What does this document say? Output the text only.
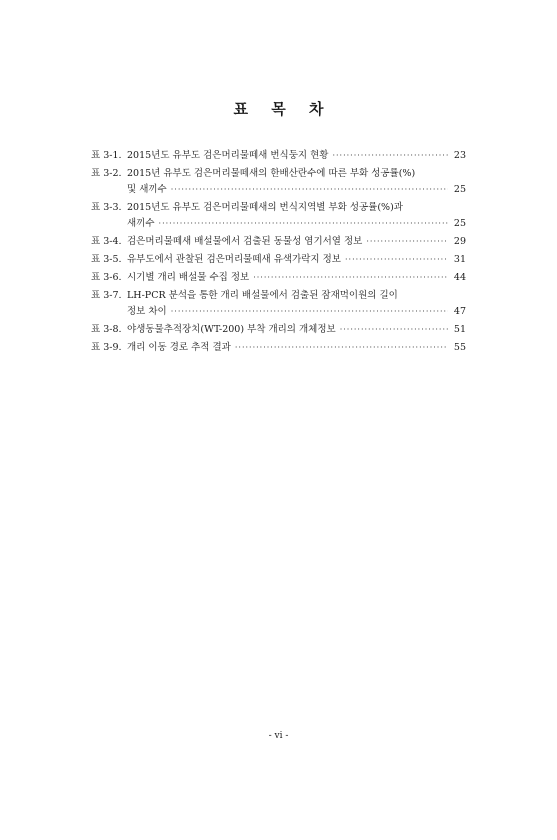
표 목 차
표 3-1. 2015년도 유부도 검은머리물떼새 번식둥지 현황 ·····	23
표 3-2. 2015년 유부도 검은머리물떼새의 한배산란수에 따른 부화 성공률(%)
및 새끼수 ·····	25
표 3-3. 2015년도 유부도 검은머리물떼새의 번식지역별 부화 성공률(%)과
새끼수 ·····	25
표 3-4. 검은머리물떼새 배설물에서 검출된 동물성 염기서열 정보 ·····	29
표 3-5. 유부도에서 관찰된 검은머리물떼새 유색가락지 정보 ·····	31
표 3-6. 시기별 개리 배설물 수집 정보 ·····	44
표 3-7. LH-PCR 분석을 통한 개리 배설물에서 검출된 잠재먹이원의 길이
정보 차이 ·····	47
표 3-8. 야생동물추적장치(WT-200) 부착 개리의 개체정보 ·····	51
표 3-9. 개리 이동 경로 추적 결과 ·····	55
- vi -
